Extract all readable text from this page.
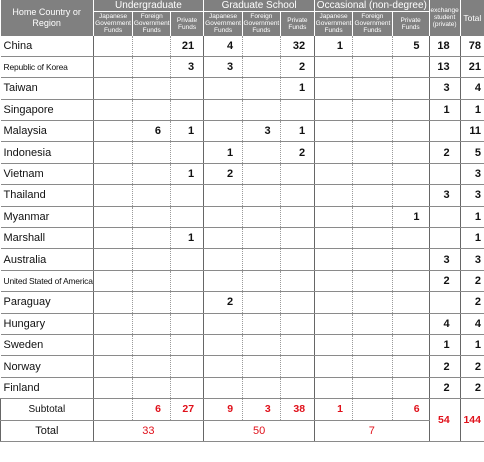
Home Country or Region	Undergraduate			Graduate School			Occasional (non-degree)			exchange student (private)	Total
	Japanese Government Funds	Foreign Government Funds	Private Funds	Japanese Government Funds	Foreign Government Funds	Private Funds	Japanese Government Funds	Foreign Government Funds	Private Funds		
China			21	4		32	1		5	18	78
Republic of Korea			3	3		2				13	21
Taiwan						1				3	4
Singapore										1	1
Malaysia		6	1		3	1					11
Indonesia				1		2				2	5
Vietnam			1	2							3
Thailand										3	3
Myanmar									1		1
Marshall			1								1
Australia										3	3
United Stated of America										2	2
Paraguay				2							2
Hungary										4	4
Sweden										1	1
Norway										2	2
Finland										2	2
Subtotal		6	27	9	3	38	1		6	54	144
Total	33			50			7				
